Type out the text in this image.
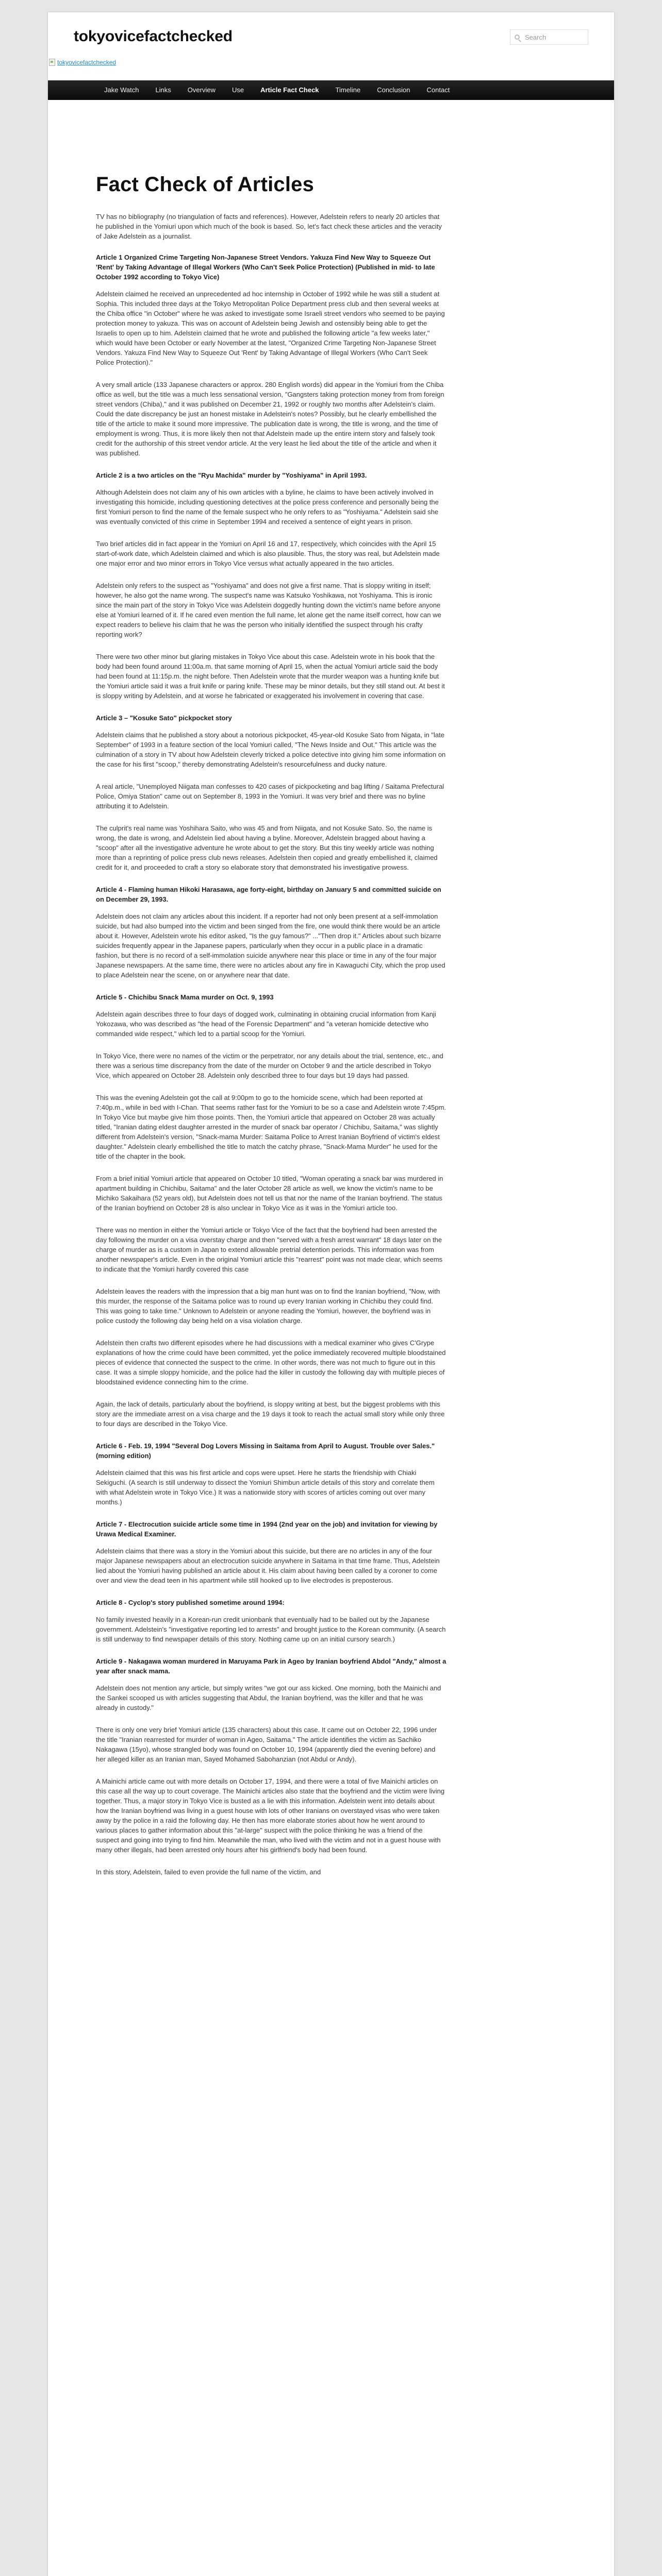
tokyovicefactchecked
Search
tokyovicefactchecked
Jake Watch	Links	Overview	Use	Article Fact Check	Timeline	Conclusion	Contact
Fact Check of Articles

TV has no bibliography (no triangulation of facts and references). However, Adelstein refers to nearly 20 articles that he published in the Yomiuri upon which much of the book is based. So, let's fact check these articles and the veracity of Jake Adelstein as a journalist.

Article 1 Organized Crime Targeting Non-Japanese Street Vendors. Yakuza Find New Way to Squeeze Out 'Rent' by Taking Advantage of Illegal Workers (Who Can't Seek Police Protection) (Published in mid- to late October 1992 according to Tokyo Vice)

Adelstein claimed he received an unprecedented ad hoc internship in October of 1992 while he was still a student at Sophia. This included three days at the Tokyo Metropolitan Police Department press club and then several weeks at the Chiba office "in October" where he was asked to investigate some Israeli street vendors who seemed to be paying protection money to yakuza. This was on account of Adelstein being Jewish and ostensibly being able to get the Israelis to open up to him. Adelstein claimed that he wrote and published the following article "a few weeks later," which would have been October or early November at the latest, "Organized Crime Targeting Non-Japanese Street Vendors. Yakuza Find New Way to Squeeze Out 'Rent' by Taking Advantage of Illegal Workers (Who Can't Seek Police Protection)."

A very small article (133 Japanese characters or approx. 280 English words) did appear in the Yomiuri from the Chiba office as well, but the title was a much less sensational version, "Gangsters taking protection money from from foreign street vendors (Chiba)," and it was published on December 21, 1992 or roughly two months after Adelstein's claim. Could the date discrepancy be just an honest mistake in Adelstein's notes? Possibly, but he clearly embellished the title of the article to make it sound more impressive. The publication date is wrong, the title is wrong, and the time of employment is wrong. Thus, it is more likely then not that Adelstein made up the entire intern story and falsely took credit for the authorship of this street vendor article. At the very least he lied about the title of the article and when it was published.

Article 2 is a two articles on the "Ryu Machida" murder by "Yoshiyama" in April 1993.

Although Adelstein does not claim any of his own articles with a byline, he claims to have been actively involved in investigating this homicide, including questioning detectives at the police press conference and personally being the first Yomiuri person to find the name of the female suspect who he only refers to as "Yoshiyama." Adelstein said she was eventually convicted of this crime in September 1994 and received a sentence of eight years in prison.

Two brief articles did in fact appear in the Yomiuri on April 16 and 17, respectively, which coincides with the April 15 start-of-work date, which Adelstein claimed and which is also plausible. Thus, the story was real, but Adelstein made one major error and two minor errors in Tokyo Vice versus what actually appeared in the two articles.

Adelstein only refers to the suspect as "Yoshiyama" and does not give a first name. That is sloppy writing in itself; however, he also got the name wrong. The suspect's name was Katsuko Yoshikawa, not Yoshiyama. This is ironic since the main part of the story in Tokyo Vice was Adelstein doggedly hunting down the victim's name before anyone else at Yomiuri learned of it. If he cared even mention the full name, let alone get the name itself correct, how can we expect readers to believe his claim that he was the person who initially identified the suspect through his crafty reporting work?

There were two other minor but glaring mistakes in Tokyo Vice about this case. Adelstein wrote in his book that the body had been found around 11:00a.m. that same morning of April 15, when the actual Yomiuri article said the body had been found at 11:15p.m. the night before. Then Adelstein wrote that the murder weapon was a hunting knife but the Yomiuri article said it was a fruit knife or paring knife. These may be minor details, but they still stand out. At best it is sloppy writing by Adelstein, and at worse he fabricated or exaggerated his involvement in covering that case.

Article 3 – "Kosuke Sato" pickpocket story

Adelstein claims that he published a story about a notorious pickpocket, 45-year-old Kosuke Sato from Nigata, in "late September" of 1993 in a feature section of the local Yomiuri called, "The News Inside and Out." This article was the culmination of a story in TV about how Adelstein cleverly tricked a police detective into giving him some information on the case for his first "scoop," thereby demonstrating Adelstein's resourcefulness and ducky nature.

A real article, "Unemployed Niigata man confesses to 420 cases of pickpocketing and bag lifting / Saitama Prefectural Police, Omiya Station" came out on September 8, 1993 in the Yomiuri. It was very brief and there was no byline attributing it to Adelstein.

The culprit's real name was Yoshihara Saito, who was 45 and from Niigata, and not Kosuke Sato. So, the name is wrong, the date is wrong, and Adelstein lied about having a byline. Moreover, Adelstein bragged about having a "scoop" after all the investigative adventure he wrote about to get the story. But this tiny weekly article was nothing more than a reprinting of police press club news releases. Adelstein then copied and greatly embellished it, claimed credit for it, and proceeded to craft a story so elaborate story that demonstrated his investigative prowess.

Article 4 - Flaming human Hikoki Harasawa, age forty-eight, birthday on January 5 and committed suicide on on December 29, 1993.

Adelstein does not claim any articles about this incident. If a reporter had not only been present at a self-immolation suicide, but had also bumped into the victim and been singed from the fire, one would think there would be an article about it. However, Adelstein wrote his editor asked, "Is the guy famous?" ..."Then drop it." Articles about such bizarre suicides frequently appear in the Japanese papers, particularly when they occur in a public place in a dramatic fashion, but there is no record of a self-immolation suicide anywhere near this place or time in any of the four major Japanese newspapers. At the same time, there were no articles about any fire in Kawaguchi City, which the prop used to place Adelstein near the scene, on or anywhere near that date.

Article 5 - Chichibu Snack Mama murder on Oct. 9, 1993

Adelstein again describes three to four days of dogged work, culminating in obtaining crucial information from Kanji Yokozawa, who was described as "the head of the Forensic Department" and "a veteran homicide detective who commanded wide respect," which led to a partial scoop for the Yomiuri.

In Tokyo Vice, there were no names of the victim or the perpetrator, nor any details about the trial, sentence, etc., and there was a serious time discrepancy from the date of the murder on October 9 and the article described in Tokyo Vice, which appeared on October 28. Adelstein only described three to four days but 19 days had passed.

This was the evening Adelstein got the call at 9:00pm to go to the homicide scene, which had been reported at 7:40p.m., while in bed with I-Chan. That seems rather fast for the Yomiuri to be so a case and Adelstein wrote 7:45pm. In Tokyo Vice but maybe give him those points. Then, the Yomiuri article that appeared on October 28 was actually titled, "Iranian dating eldest daughter arrested in the murder of snack bar operator / Chichibu, Saitama," was slightly different from Adelstein's version, "Snack-mama Murder: Saitama Police to Arrest Iranian Boyfriend of victim's eldest daughter." Adelstein clearly embellished the title to match the catchy phrase, "Snack-Mama Murder" he used for the title of the chapter in the book.

From a brief initial Yomiuri article that appeared on October 10 titled, "Woman operating a snack bar was murdered in apartment building in Chichibu, Saitama" and the later October 28 article as well, we know the victim's name to be Michiko Sakaihara (52 years old), but Adelstein does not tell us that nor the name of the Iranian boyfriend. The status of the Iranian boyfriend on October 28 is also unclear in Tokyo Vice as it was in the Yomiuri article too.

There was no mention in either the Yomiuri article or Tokyo Vice of the fact that the boyfriend had been arrested the day following the murder on a visa overstay charge and then "served with a fresh arrest warrant" 18 days later on the charge of murder as is a custom in Japan to extend allowable pretrial detention periods. This information was from another newspaper's article. Even in the original Yomiuri article this "rearrest" point was not made clear, which seems to indicate that the Yomiuri hardly covered this case

Adelstein leaves the readers with the impression that a big man hunt was on to find the Iranian boyfriend, "Now, with this murder, the response of the Saitama police was to round up every Iranian working in Chichibu they could find. This was going to take time." Unknown to Adelstein or anyone reading the Yomiuri, however, the boyfriend was in police custody the following day being held on a visa violation charge.

Adelstein then crafts two different episodes where he had discussions with a medical examiner who gives C'Grype explanations of how the crime could have been committed, yet the police immediately recovered multiple bloodstained pieces of evidence that connected the suspect to the crime. In other words, there was not much to figure out in this case. It was a simple sloppy homicide, and the police had the killer in custody the following day with multiple pieces of bloodstained evidence connecting him to the crime.

Again, the lack of details, particularly about the boyfriend, is sloppy writing at best, but the biggest problems with this story are the immediate arrest on a visa charge and the 19 days it took to reach the actual small story while only three to four days are described in the Tokyo Vice.

Article 6 - Feb. 19, 1994 "Several Dog Lovers Missing in Saitama from April to August. Trouble over Sales." (morning edition)

Adelstein claimed that this was his first article and cops were upset. Here he starts the friendship with Chiaki Sekiguchi. (A search is still underway to dissect the Yomiuri Shimbun article details of this story and correlate them with what Adelstein wrote in Tokyo Vice.) It was a nationwide story with scores of articles coming out over many months.)

Article 7 - Electrocution suicide article some time in 1994 (2nd year on the job) and invitation for viewing by Urawa Medical Examiner.

Adelstein claims that there was a story in the Yomiuri about this suicide, but there are no articles in any of the four major Japanese newspapers about an electrocution suicide anywhere in Saitama in that time frame. Thus, Adelstein lied about the Yomiuri having published an article about it. His claim about having been called by a coroner to come over and view the dead teen in his apartment while still hooked up to live electrodes is preposterous.

Article 8 - Cyclop's story published sometime around 1994:

No family invested heavily in a Korean-run credit unionbank that eventually had to be bailed out by the Japanese government. Adelstein's "investigative reporting led to arrests" and brought justice to the Korean community. (A search is still underway to find newspaper details of this story. Nothing came up on an initial cursory search.)

Article 9 - Nakagawa woman murdered in Maruyama Park in Ageo by Iranian boyfriend Abdol "Andy," almost a year after snack mama.

Adelstein does not mention any article, but simply writes "we got our ass kicked. One morning, both the Mainichi and the Sankei scooped us with articles suggesting that Abdul, the Iranian boyfriend, was the killer and that he was already in custody."

There is only one very brief Yomiuri article (135 characters) about this case. It came out on October 22, 1996 under the title "Iranian rearrested for murder of woman in Ageo, Saitama." The article identifies the victim as Sachiko Nakagawa (15yo), whose strangled body was found on October 10, 1994 (apparently died the evening before) and her alleged killer as an Iranian man, Sayed Mohamed Sabohanzian (not Abdul or Andy).

A Mainichi article came out with more details on October 17, 1994, and there were a total of five Mainichi articles on this case all the way up to court coverage. The Mainichi articles also state that the boyfriend and the victim were living together. Thus, a major story in Tokyo Vice is busted as a lie with this information. Adelstein went into details about how the Iranian boyfriend was living in a guest house with lots of other Iranians on overstayed visas who were taken away by the police in a raid the following day. He then has more elaborate stories about how he went around to various places to gather information about this "at-large" suspect with the police thinking he was a friend of the suspect and going into trying to find him. Meanwhile the man, who lived with the victim and not in a guest house with many other illegals, had been arrested only hours after his girlfriend's body had been found.

In this story, Adelstein, failed to even provide the full name of the victim, and
